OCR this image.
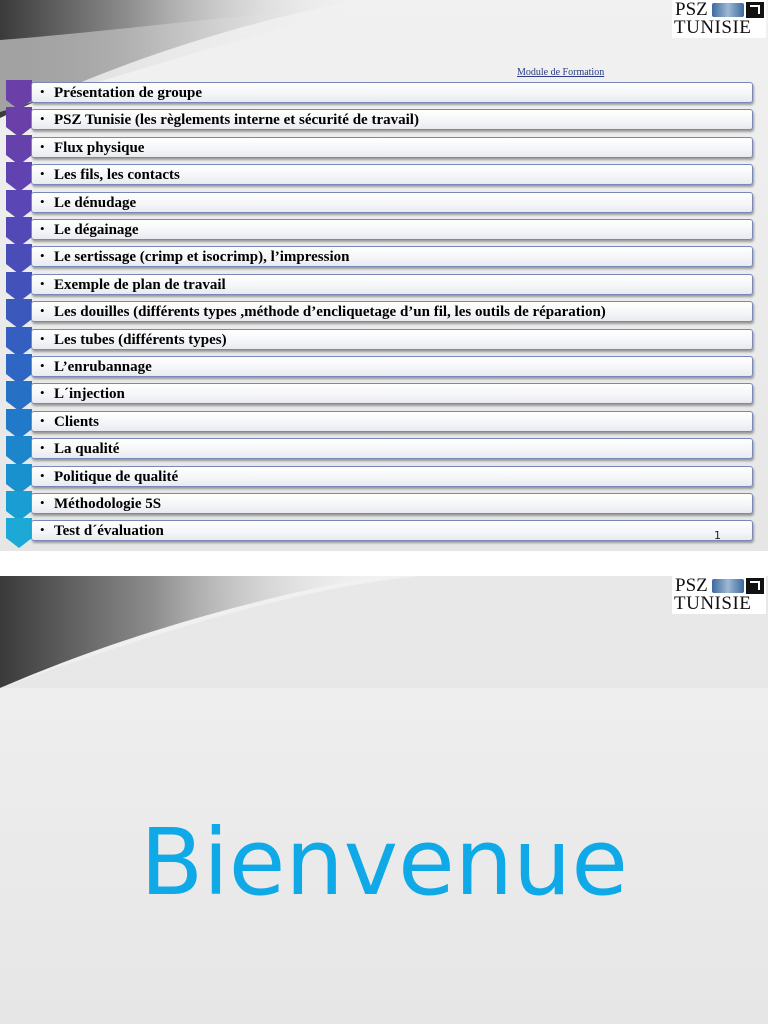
PSZ
TUNISIE
Module de Formation
• Présentation de groupe
• PSZ Tunisie (les règlements interne et sécurité de travail)
• Flux physique
• Les fils, les contacts
• Le dénudage
• Le dégainage
• Le sertissage (crimp et isocrimp), l’impression
• Exemple de plan de travail
• Les douilles (différents types ,méthode d’encliquetage d’un fil, les outils de réparation)
• Les tubes (différents types)
• L’enrubannage
• L´injection
• Clients
• La qualité
• Politique de qualité
• Méthodologie 5S
• Test d´évaluation	1
PSZ
TUNISIE
Bienvenue
